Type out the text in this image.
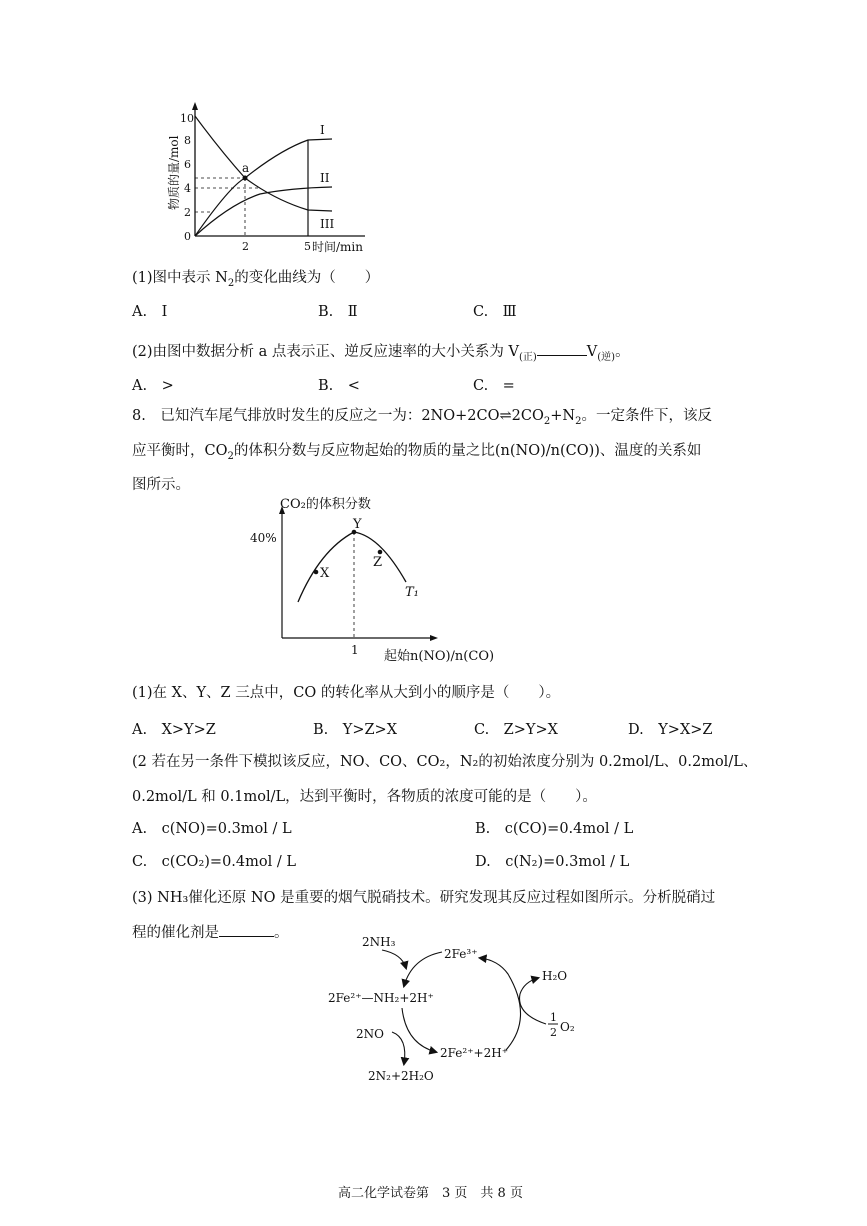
物质的量/mol
0
2
4
6
8
10
2	5 时间/min
a
I
II
III
(1)图中表示 $N_2$的变化曲线为（　　）
A.　I	B.　Ⅱ	C.　Ⅲ
(2)由图中数据分析 a 点表示正、逆反应速率的大小关系为 $V_{(正)}$	$V_{(逆)}$。
A.　>	B.　<	C.　=
8.　已知汽车尾气排放时发生的反应之一为：$2NO+2CO\rightleftharpoons 2CO_2+N_2$。一定条件下，该反
应平衡时，$CO_2$的体积分数与反应物起始的物质的量之比(n(NO)/n(CO))、温度的关系如
图所示。
CO₂的体积分数
40%
1 起始n(NO)/n(CO)
X
Y
Z
T₁
(1)在 X、Y、Z 三点中，CO 的转化率从大到小的顺序是（　　）。
A.　X>Y>Z	B.　Y>Z>X	C.　Z>Y>X	D.　Y>X>Z
(2 若在另一条件下模拟该反应，NO、CO、CO₂，N₂的初始浓度分别为 0.2mol/L、0.2mol/L、
0.2mol/L 和 0.1mol/L，达到平衡时，各物质的浓度可能的是（　　）。
A.　c(NO)=0.3mol / L	B.　c(CO)=0.4mol / L
C.　c(CO₂)=0.4mol / L	D.　c(N₂)=0.3mol / L
(3) NH₃催化还原 NO 是重要的烟气脱硝技术。研究发现其反应过程如图所示。分析脱硝过
程的催化剂是	。
2NH₃
2Fe³⁺
H₂O
2Fe²⁺—NH₂+2H⁺
1
2 O₂
2NO
2Fe²⁺+2H⁺
2N₂+2H₂O
高二化学试卷第　3 页　共 8 页
